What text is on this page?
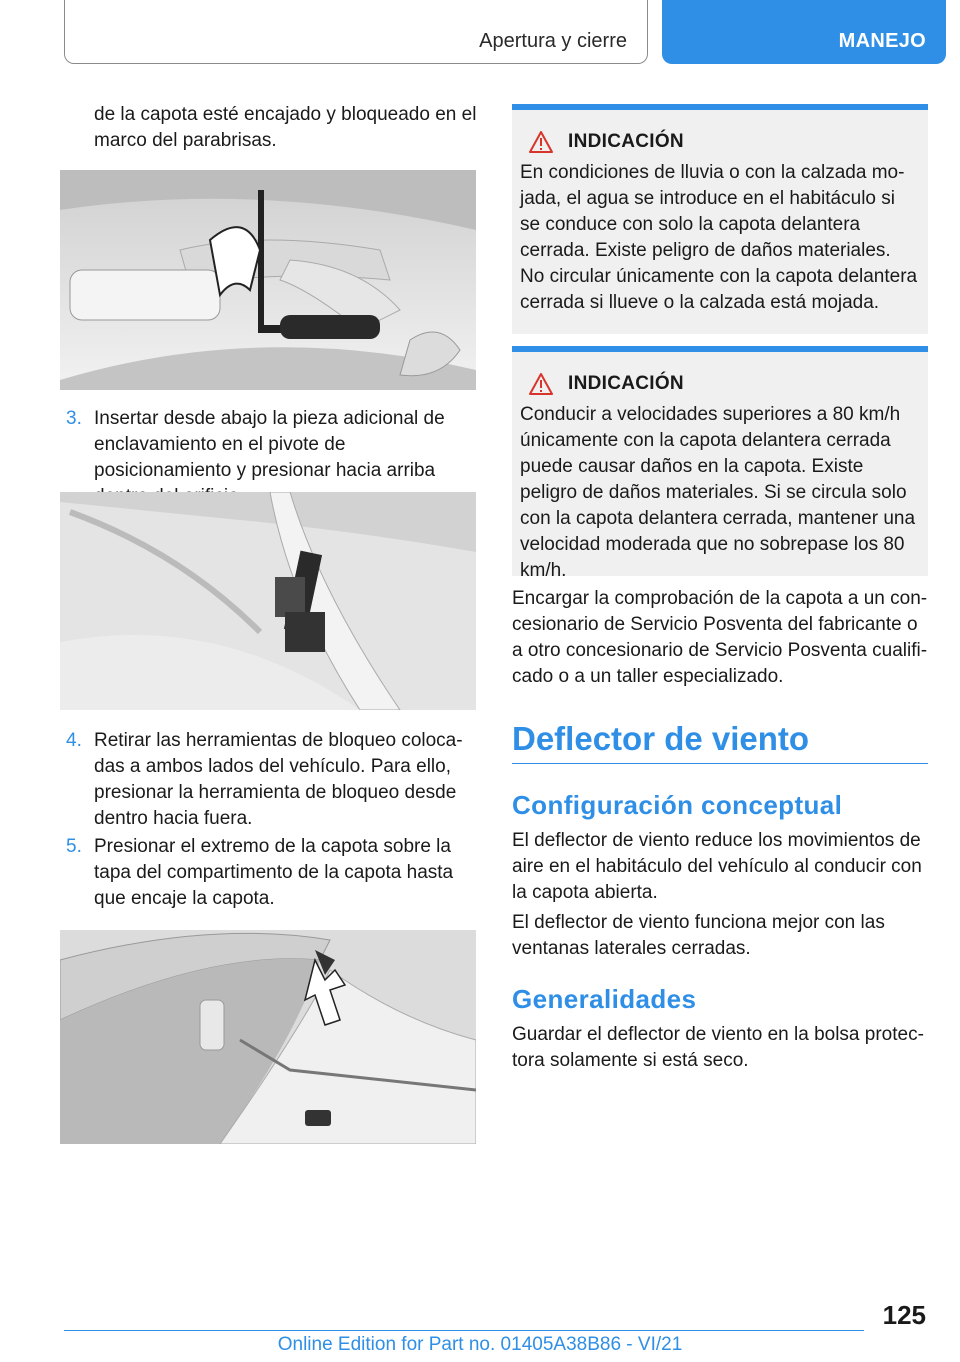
Apertura y cierre	MANEJO

de la capota esté encajado y bloqueado en el marco del parabrisas.

3. Insertar desde abajo la pieza adicional de enclavamiento en el pivote de posicionamiento y presionar hacia arriba
4. Retirar las herramientas de bloqueo colocadas a ambos lados del vehículo. Para ello, presionar la herramienta de bloqueo desde dentro hacia fuera.
5. Presionar el extremo de la capota sobre la tapa del compartimento de la capota hasta que encaje la capota.
INDICACIÓN
En condiciones de lluvia o con la calzada mojada, el agua se introduce en el habitáculo si se conduce con solo la capota delantera cerrada. Existe peligro de daños materiales. No circular únicamente con la capota delantera cerrada si llueve o la calzada está mojada.
INDICACIÓN
Conducir a velocidades superiores a 80 km/h únicamente con la capota delantera cerrada puede causar daños en la capota. Existe peligro de daños materiales. Si se circula solo con la capota delantera cerrada, mantener una velocidad moderada que no sobrepase los 80 km/h.
Encargar la comprobación de la capota a un concesionario de Servicio Posventa del fabricante o a otro concesionario de Servicio Posventa cualificado o a un taller especializado.
Deflector de viento
Configuración conceptual
El deflector de viento reduce los movimientos de aire en el habitáculo del vehículo al conducir con la capota abierta.
El deflector de viento funciona mejor con las ventanas laterales cerradas.
Generalidades
Guardar el deflector de viento en la bolsa protectora solamente si está seco.
125
Online Edition for Part no. 01405A38B86 - VI/21
